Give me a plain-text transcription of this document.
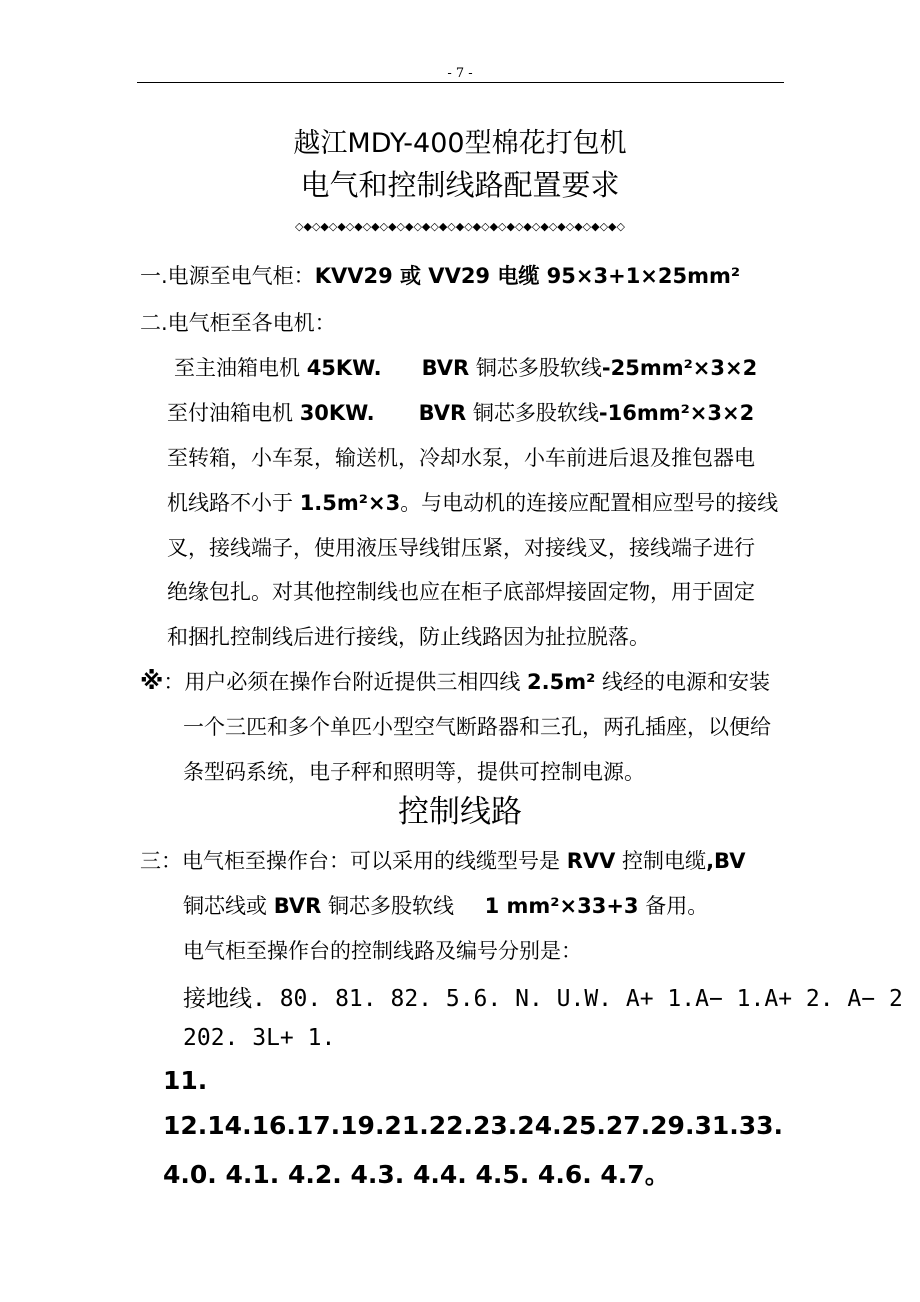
- 7 -
越江MDY-400型棉花打包机
电气和控制线路配置要求
◇◆◇◆◇◆◇◆◇◆◇◆◇◆◇◆◇◆◇◆◇◆◇◆◇◆◇◆◇◆◇◆◇◆◇◆◇◆◇
一.电源至电气柜：KVV29 或 VV29 电缆 95×3+1×25mm²
二.电气柜至各电机：
至主油箱电机 45KW. BVR 铜芯多股软线-25mm²×3×2
至付油箱电机 30KW. BVR 铜芯多股软线-16mm²×3×2
至转箱，小车泵，输送机，冷却水泵，小车前进后退及推包器电
机线路不小于 1.5m²×3。与电动机的连接应配置相应型号的接线
叉，接线端子，使用液压导线钳压紧，对接线叉，接线端子进行
绝缘包扎。对其他控制线也应在柜子底部焊接固定物，用于固定
和捆扎控制线后进行接线，防止线路因为扯拉脱落。
※：用户必须在操作台附近提供三相四线 2.5m² 线经的电源和安装
一个三匹和多个单匹小型空气断路器和三孔，两孔插座，以便给
条型码系统，电子秤和照明等，提供可控制电源。
控制线路
三：电气柜至操作台：可以采用的线缆型号是 RVV 控制电缆,BV
铜芯线或 BVR 铜芯多股软线 1 mm²×33+3 备用。
电气柜至操作台的控制线路及编号分别是：
接地线. 80. 81. 82. 5.6. N. U.W. A+ 1.A− 1.A+ 2. A− 2
202. 3L+ 1.
11.
12.14.16.17.19.21.22.23.24.25.27.29.31.33.
4.0. 4.1. 4.2. 4.3. 4.4. 4.5. 4.6. 4.7。
